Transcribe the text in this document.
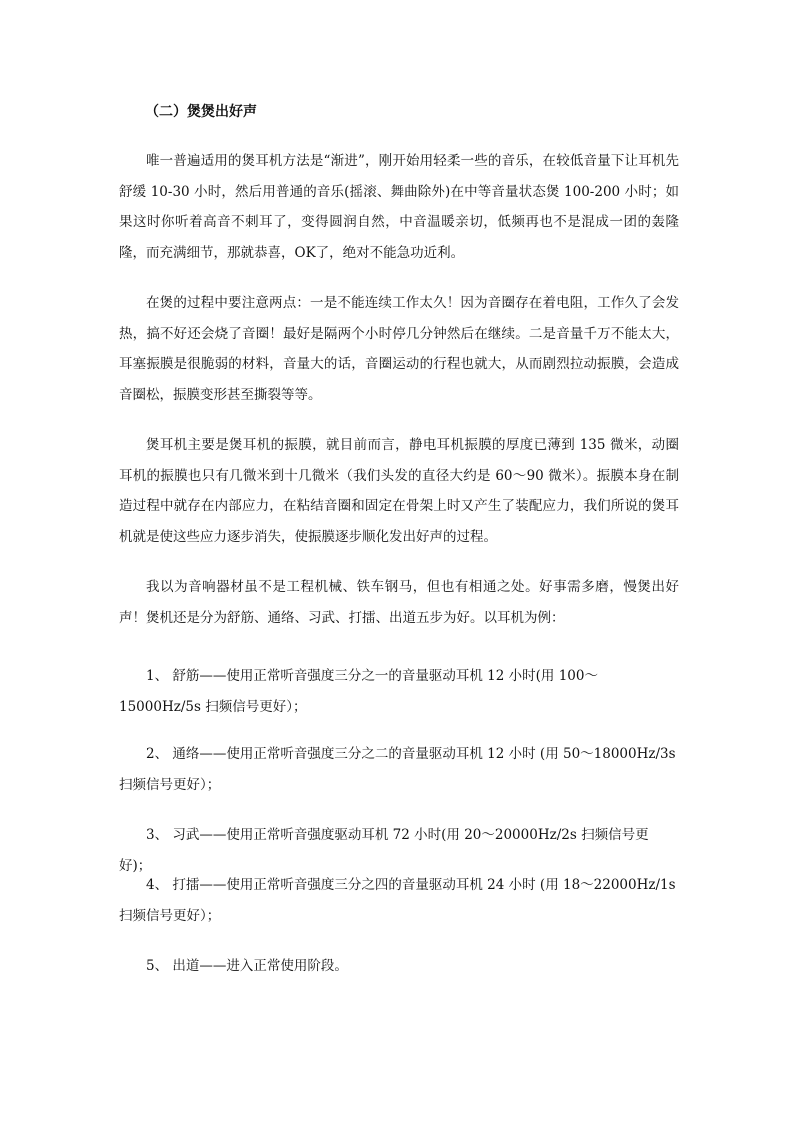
（二）煲煲出好声

唯一普遍适用的煲耳机方法是“渐进”，刚开始用轻柔一些的音乐，在较低音量下让耳机先舒缓 10-30 小时，然后用普通的音乐(摇滚、舞曲除外)在中等音量状态煲 100-200 小时；如果这时你听着高音不刺耳了，变得圆润自然，中音温暖亲切，低频再也不是混成一团的轰隆隆，而充满细节，那就恭喜，OK了，绝对不能急功近利。

在煲的过程中要注意两点：一是不能连续工作太久！因为音圈存在着电阻，工作久了会发热，搞不好还会烧了音圈！最好是隔两个小时停几分钟然后在继续。二是音量千万不能太大，耳塞振膜是很脆弱的材料，音量大的话，音圈运动的行程也就大，从而剧烈拉动振膜，会造成音圈松，振膜变形甚至撕裂等等。

煲耳机主要是煲耳机的振膜，就目前而言，静电耳机振膜的厚度已薄到 135 微米，动圈耳机的振膜也只有几微米到十几微米（我们头发的直径大约是 60～90 微米）。振膜本身在制造过程中就存在内部应力，在粘结音圈和固定在骨架上时又产生了装配应力，我们所说的煲耳机就是使这些应力逐步消失，使振膜逐步顺化发出好声的过程。

我以为音响器材虽不是工程机械、铁车钢马，但也有相通之处。好事需多磨，慢煲出好声！煲机还是分为舒筋、通络、习武、打擂、出道五步为好。以耳机为例：

1、 舒筋——使用正常听音强度三分之一的音量驱动耳机 12 小时(用 100～15000Hz/5s 扫频信号更好）；

2、 通络——使用正常听音强度三分之二的音量驱动耳机 12 小时 (用 50～18000Hz/3s 扫频信号更好）；

3、 习武——使用正常听音强度驱动耳机 72 小时(用 20～20000Hz/2s 扫频信号更好)；

4、 打擂——使用正常听音强度三分之四的音量驱动耳机 24 小时 (用 18～22000Hz/1s 扫频信号更好）；

5、 出道——进入正常使用阶段。
